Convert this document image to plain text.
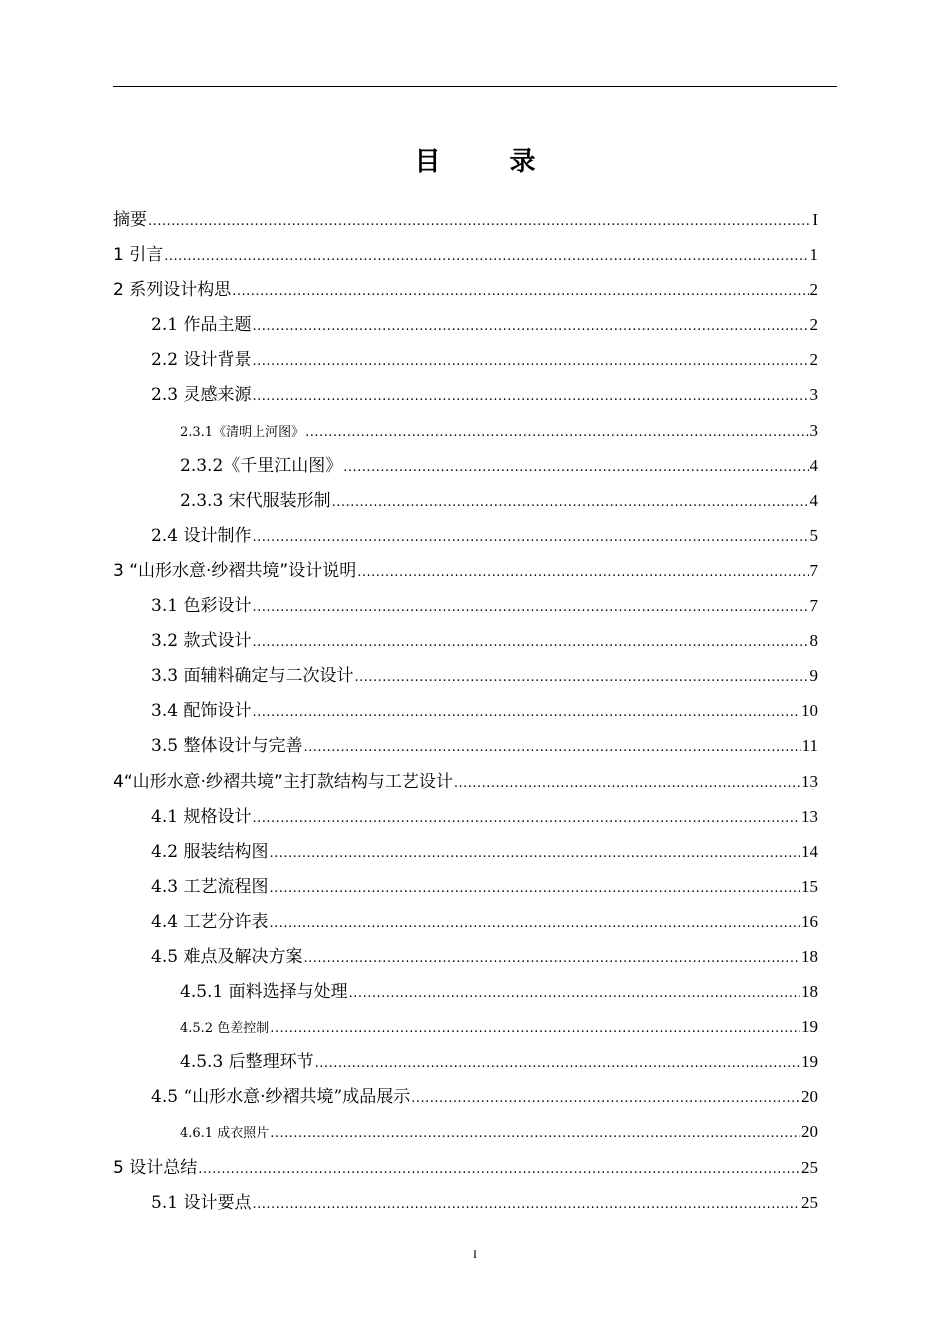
目 录
摘要 .....	I
1 引言 .....	1
2 系列设计构思 .....	2
2.1 作品主题 .....	2
2.2 设计背景 .....	2
2.3 灵感来源 .....	3
2.3.1《清明上河图》 .....	3
2.3.2《千里江山图》 .....	4
2.3.3 宋代服装形制 .....	4
2.4 设计制作 .....	5
3 “山形水意·纱褶共境”设计说明 .....	7
3.1 色彩设计 .....	7
3.2 款式设计 .....	8
3.3 面辅料确定与二次设计 .....	9
3.4 配饰设计 .....	10
3.5 整体设计与完善 .....	11
4“山形水意·纱褶共境”主打款结构与工艺设计 .....	13
4.1 规格设计 .....	13
4.2 服装结构图 .....	14
4.3 工艺流程图 .....	15
4.4 工艺分许表 .....	16
4.5 难点及解决方案 .....	18
4.5.1 面料选择与处理 .....	18
4.5.2 色差控制 .....	19
4.5.3 后整理环节 .....	19
4.5 “山形水意·纱褶共境”成品展示 .....	20
4.6.1 成衣照片 .....	20
5 设计总结 .....	25
5.1 设计要点 .....	25
I
